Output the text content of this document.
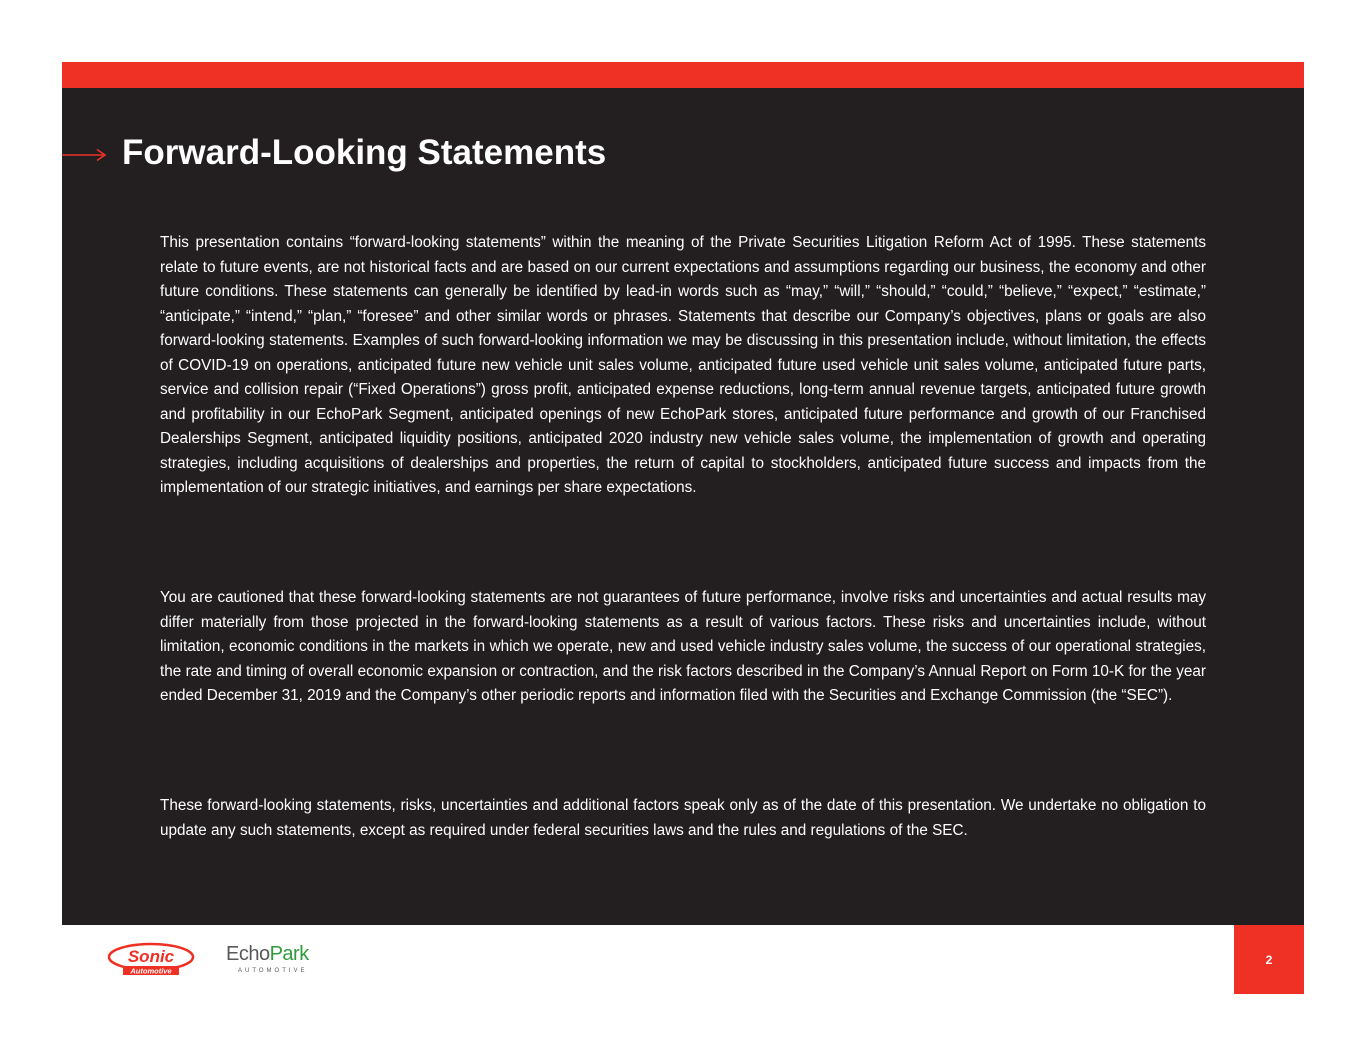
Forward-Looking Statements

This presentation contains “forward-looking statements” within the meaning of the Private Securities Litigation Reform Act of 1995. These statements relate to future events, are not historical facts and are based on our current expectations and assumptions regarding our business, the economy and other future conditions. These statements can generally be identified by lead-in words such as “may,” “will,” “should,” “could,” “believe,” “expect,” “estimate,” “anticipate,” “intend,” “plan,” “foresee” and other similar words or phrases. Statements that describe our Company’s objectives, plans or goals are also forward-looking statements. Examples of such forward-looking information we may be discussing in this presentation include, without limitation, the effects of COVID-19 on operations, anticipated future new vehicle unit sales volume, anticipated future used vehicle unit sales volume, anticipated future parts, service and collision repair (“Fixed Operations”) gross profit, anticipated expense reductions, long-term annual revenue targets, anticipated future growth and profitability in our EchoPark Segment, anticipated openings of new EchoPark stores, anticipated future performance and growth of our Franchised Dealerships Segment, anticipated liquidity positions, anticipated 2020 industry new vehicle sales volume, the implementation of growth and operating strategies, including acquisitions of dealerships and properties, the return of capital to stockholders, anticipated future success and impacts from the implementation of our strategic initiatives, and earnings per share expectations.

You are cautioned that these forward-looking statements are not guarantees of future performance, involve risks and uncertainties and actual results may differ materially from those projected in the forward-looking statements as a result of various factors. These risks and uncertainties include, without limitation, economic conditions in the markets in which we operate, new and used vehicle industry sales volume, the success of our operational strategies, the rate and timing of overall economic expansion or contraction, and the risk factors described in the Company’s Annual Report on Form 10-K for the year ended December 31, 2019 and the Company’s other periodic reports and information filed with the Securities and Exchange Commission (the “SEC”).

These forward-looking statements, risks, uncertainties and additional factors speak only as of the date of this presentation. We undertake no obligation to update any such statements, except as required under federal securities laws and the rules and regulations of the SEC.

Sonic
Automotive
EchoPark
AUTOMOTIVE
2
